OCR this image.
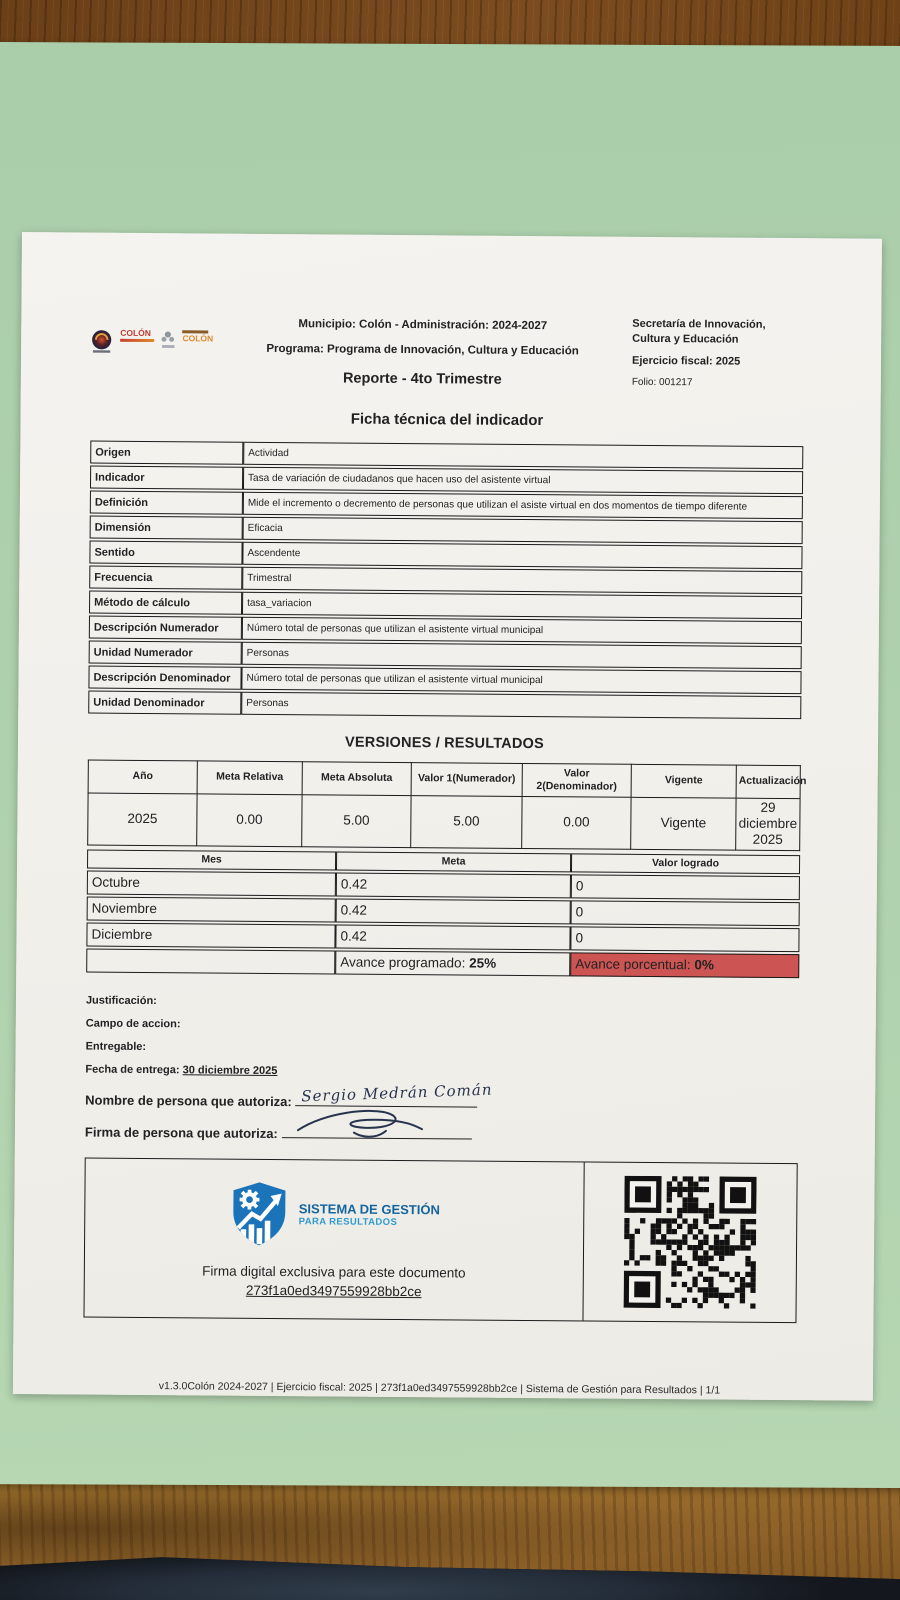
COLÓN
COLÓN
Municipio: Colón - Administración: 2024-2027
Programa: Programa de Innovación, Cultura y Educación
Reporte - 4to Trimestre
Secretaría de Innovación, Cultura y Educación
Ejercicio fiscal: 2025
Folio: 001217
Ficha técnica del indicador
Origen	Actividad
Indicador	Tasa de variación de ciudadanos que hacen uso del asistente virtual
Definición	Mide el incremento o decremento de personas que utilizan el asiste virtual en dos momentos de tiempo diferente
Dimensión	Eficacia
Sentido	Ascendente
Frecuencia	Trimestral
Método de cálculo	tasa_variacion
Descripción Numerador	Número total de personas que utilizan el asistente virtual municipal
Unidad Numerador	Personas
Descripción Denominador	Número total de personas que utilizan el asistente virtual municipal
Unidad Denominador	Personas
VERSIONES / RESULTADOS
Año	Meta Relativa	Meta Absoluta	Valor 1(Numerador)	Valor 2(Denominador)	Vigente	Actualización
2025	0.00	5.00	5.00	0.00	Vigente	29 diciembre 2025
Mes	Meta	Valor logrado
Octubre	0.42	0
Noviembre	0.42	0
Diciembre	0.42	0
	Avance programado: 25%	Avance porcentual: 0%
Justificación:
Campo de accion:
Entregable:
Fecha de entrega: 30 diciembre 2025
Nombre de persona que autoriza: Sergio Medrán Comán
Firma de persona que autoriza:
SISTEMA DE GESTIÓN
PARA RESULTADOS
Firma digital exclusiva para este documento
273f1a0ed3497559928bb2ce
v1.3.0Colón 2024-2027 | Ejercicio fiscal: 2025 | 273f1a0ed3497559928bb2ce | Sistema de Gestión para Resultados | 1/1
